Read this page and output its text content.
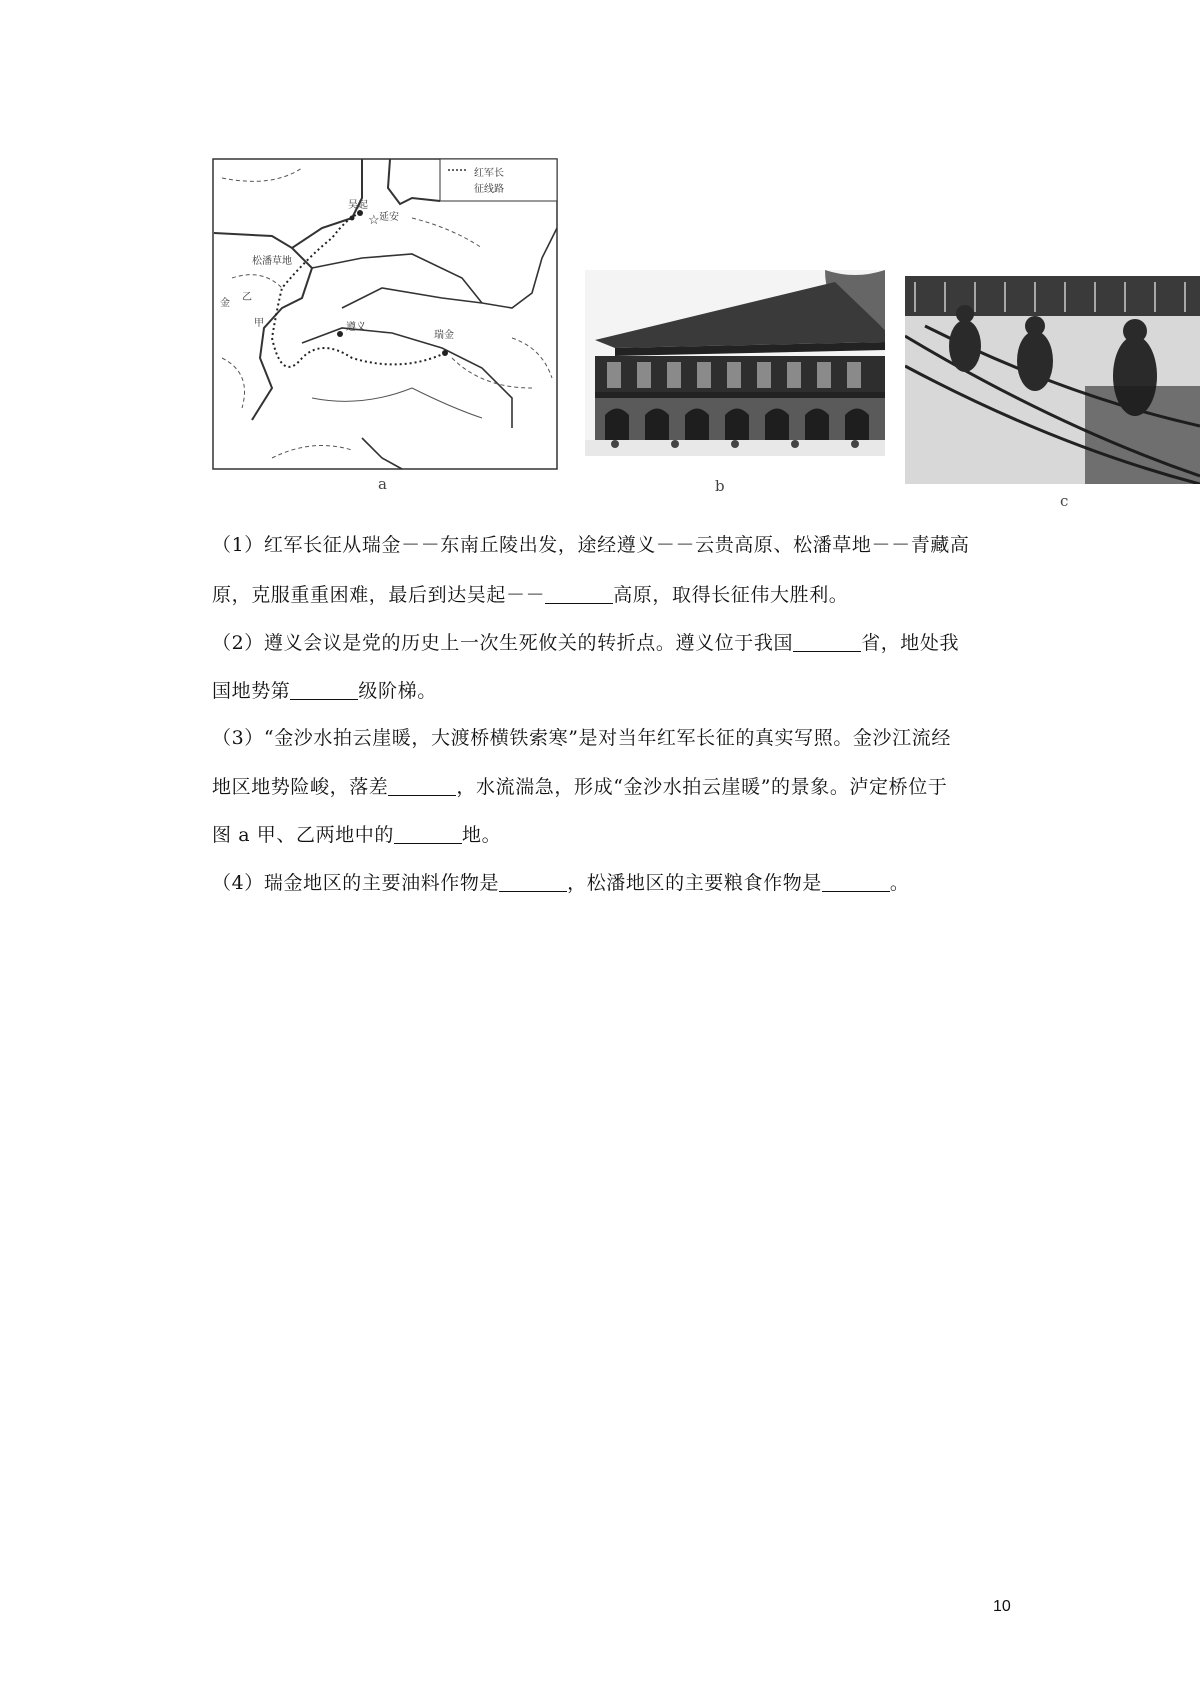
红军长
征线路
☆
吴起
延安
松潘草地
金
乙
甲	遵义
瑞金
a	b
c
（1）红军长征从瑞金－－东南丘陵出发，途经遵义－－云贵高原、松潘草地－－青藏高
原，克服重重困难，最后到达吴起－－	高原，取得长征伟大胜利。
（2）遵义会议是党的历史上一次生死攸关的转折点。遵义位于我国	省，地处我
国地势第	级阶梯。
（3）“金沙水拍云崖暖，大渡桥横铁索寒”是对当年红军长征的真实写照。金沙江流经
地区地势险峻，落差	，水流湍急，形成“金沙水拍云崖暖”的景象。泸定桥位于
图 a 甲、乙两地中的	地。
（4）瑞金地区的主要油料作物是	，松潘地区的主要粮食作物是	。
10
